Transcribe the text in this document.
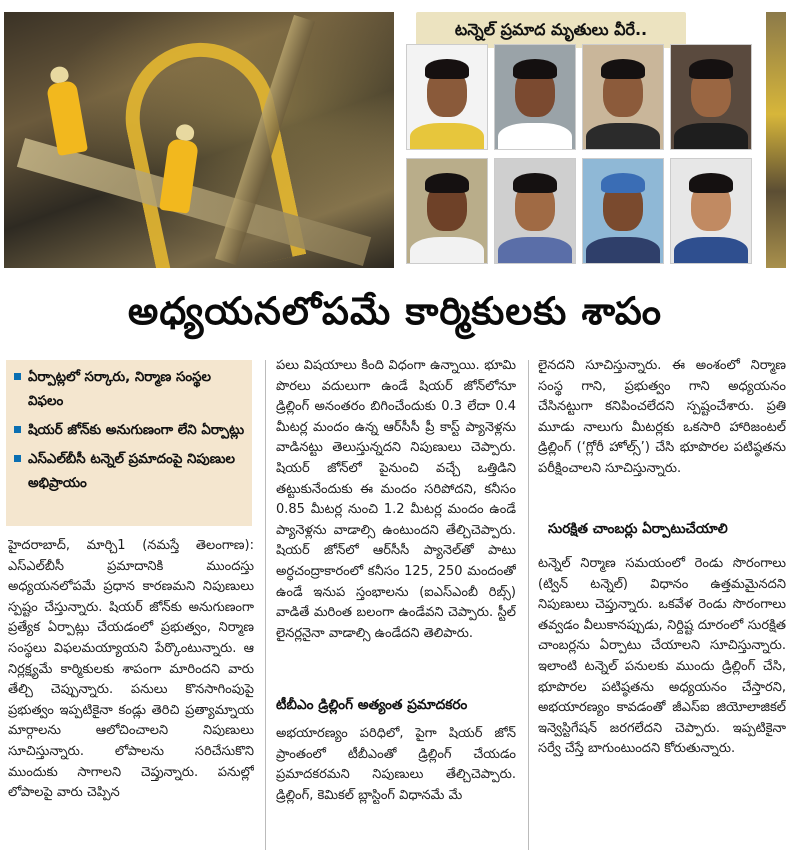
టన్నెల్ ప్రమాద మృతులు వీరే..
అధ్యయనలోపమే కార్మికులకు శాపం
ఏర్పాట్లలో సర్కారు, నిర్మాణ సంస్థల విఫలం
షియర్ జోన్‌కు అనుగుణంగా లేని ఏర్పాట్లు
ఎస్‌ఎల్‌బీసీ టన్నెల్ ప్రమాదంపై నిపుణుల అభిప్రాయం

హైదరాబాద్, మార్చి1 (నమస్తే తెలంగాణ): ఎస్‌ఎల్‌బీసీ ప్రమాదానికి ముందస్తు అధ్యయనలోపమే ప్రధాన కారణమని నిపుణులు స్పష్టం చేస్తున్నారు. షియర్ జోన్‌కు అనుగుణంగా ప్రత్యేక ఏర్పాట్లు చేయడంలో ప్రభుత్వం, నిర్మాణ సంస్థలు విఫలమయ్యాయని పేర్కొంటున్నారు. ఆ నిర్లక్ష్యమే కార్మికులకు శాపంగా మారిందని వారు తేల్చి చెప్పున్నారు. పనులు కొనసాగింపుపై ప్రభుత్వం ఇప్పటికైనా కండ్లు తెరిచి ప్రత్యామ్నాయ మార్గాలను ఆలోచించాలని నిపుణులు సూచిస్తున్నారు. లోపాలను సరిచేసుకొని ముందుకు సాగాలని చెప్తున్నారు. పనుల్లో లోపాలపై వారు చెప్పిన

పలు విషయాలు కింది విధంగా ఉన్నాయి. భూమి పొరలు వదులుగా ఉండే షియర్ జోన్‌లోనూ డ్రిల్లింగ్ అనంతరం బిగించేందుకు 0.3 లేదా 0.4 మీటర్ల మందం ఉన్న ఆర్‌సీసీ ప్రీ కాస్ట్ ప్యానెళ్లను వాడినట్టు తెలుస్తున్నదని నిపుణులు చెప్పారు. షియర్ జోన్‌లో పైనుంచి వచ్చే ఒత్తిడిని తట్టుకునేందుకు ఈ మందం సరిపోదని, కనీసం 0.85 మీటర్ల నుంచి 1.2 మీటర్ల మందం ఉండే ప్యానెళ్లను వాడాల్సి ఉంటుందని తేల్చిచెప్పారు. షియర్ జోన్‌లో ఆర్‌సీసీ ప్యానెల్‌తో పాటు అర్ధచంద్రాకారంలో కనీసం 125, 250 మందంతో ఉండే ఇనుప స్తంభాలను (ఐఎస్‌ఎంబీ రిబ్స్) వాడితే మరింత బలంగా ఉండేవని చెప్పారు. స్టీల్ లైనర్లనైనా వాడాల్సి ఉండేదని తెలిపారు.

టీబీఎం డ్రిల్లింగ్ అత్యంత ప్రమాదకరం

అభయారణ్యం పరిధిలో, పైగా షియర్ జోన్ ప్రాంతంలో టీబీఎంతో డ్రిల్లింగ్ చేయడం ప్రమాదకరమని నిపుణులు తేల్చిచెప్పారు. డ్రిల్లింగ్, కెమికల్ బ్లాస్టింగ్ విధానమే మే

లైనదని సూచిస్తున్నారు. ఈ అంశంలో నిర్మాణ సంస్థ గాని, ప్రభుత్వం గాని అధ్యయనం చేసినట్టుగా కనిపించలేదని స్పష్టంచేశారు. ప్రతి మూడు నాలుగు మీటర్లకు ఒకసారి హారిజంటల్ డ్రిల్లింగ్ (‘గ్లోరీ హోల్స్’) చేసి భూపొరల పటిష్ఠతను పరీక్షించాలని సూచిస్తున్నారు.

సురక్షిత చాంబర్లు ఏర్పాటుచేయాలి

టన్నెల్ నిర్మాణ సమయంలో రెండు సొరంగాలు (ట్విన్ టన్నెల్) విధానం ఉత్తమమైనదని నిపుణులు చెప్తున్నారు. ఒకవేళ రెండు సొరంగాలు తవ్వడం వీలుకానప్పుడు, నిర్దిష్ట దూరంలో సురక్షిత చాంబర్లను ఏర్పాటు చేయాలని సూచిస్తున్నారు. ఇలాంటి టన్నెల్ పనులకు ముందు డ్రిల్లింగ్ చేసి, భూపొరల పటిష్ఠతను అధ్యయనం చేస్తారని, అభయారణ్యం కావడంతో జీఎస్‌ఐ జియోలాజికల్ ఇన్వెస్టిగేషన్ జరగలేదని చెప్పారు. ఇప్పటికైనా సర్వే చేస్తే బాగుంటుందని కోరుతున్నారు.
